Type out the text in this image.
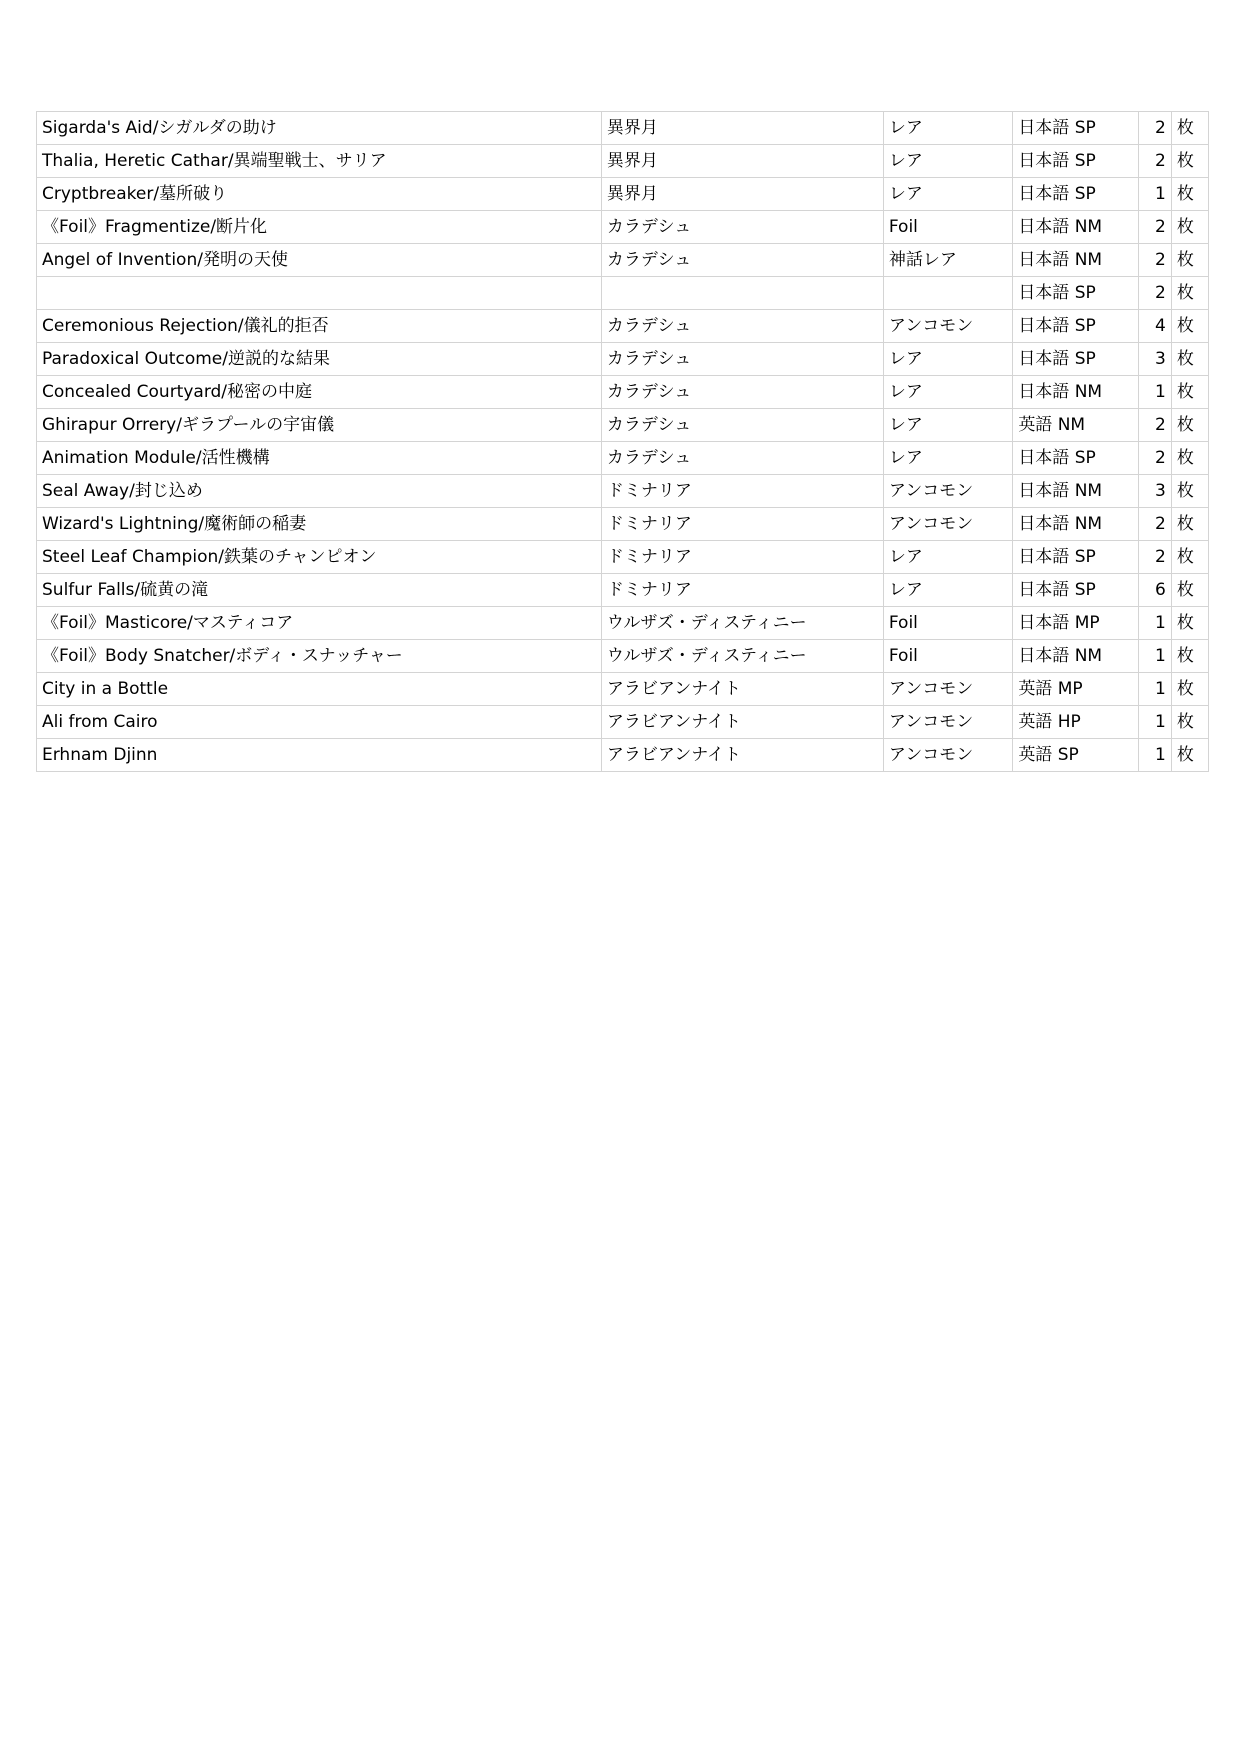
Sigarda's Aid/シガルダの助け	異界月	レア	日本語 SP	2	枚
Thalia, Heretic Cathar/異端聖戦士、サリア	異界月	レア	日本語 SP	2	枚
Cryptbreaker/墓所破り	異界月	レア	日本語 SP	1	枚
《Foil》Fragmentize/断片化	カラデシュ	Foil	日本語 NM	2	枚
Angel of Invention/発明の天使	カラデシュ	神話レア	日本語 NM	2	枚
			日本語 SP	2	枚
Ceremonious Rejection/儀礼的拒否	カラデシュ	アンコモン	日本語 SP	4	枚
Paradoxical Outcome/逆説的な結果	カラデシュ	レア	日本語 SP	3	枚
Concealed Courtyard/秘密の中庭	カラデシュ	レア	日本語 NM	1	枚
Ghirapur Orrery/ギラプールの宇宙儀	カラデシュ	レア	英語 NM	2	枚
Animation Module/活性機構	カラデシュ	レア	日本語 SP	2	枚
Seal Away/封じ込め	ドミナリア	アンコモン	日本語 NM	3	枚
Wizard's Lightning/魔術師の稲妻	ドミナリア	アンコモン	日本語 NM	2	枚
Steel Leaf Champion/鉄葉のチャンピオン	ドミナリア	レア	日本語 SP	2	枚
Sulfur Falls/硫黄の滝	ドミナリア	レア	日本語 SP	6	枚
《Foil》Masticore/マスティコア	ウルザズ・ディスティニー	Foil	日本語 MP	1	枚
《Foil》Body Snatcher/ボディ・スナッチャー	ウルザズ・ディスティニー	Foil	日本語 NM	1	枚
City in a Bottle	アラビアンナイト	アンコモン	英語 MP	1	枚
Ali from Cairo	アラビアンナイト	アンコモン	英語 HP	1	枚
Erhnam Djinn	アラビアンナイト	アンコモン	英語 SP	1	枚
